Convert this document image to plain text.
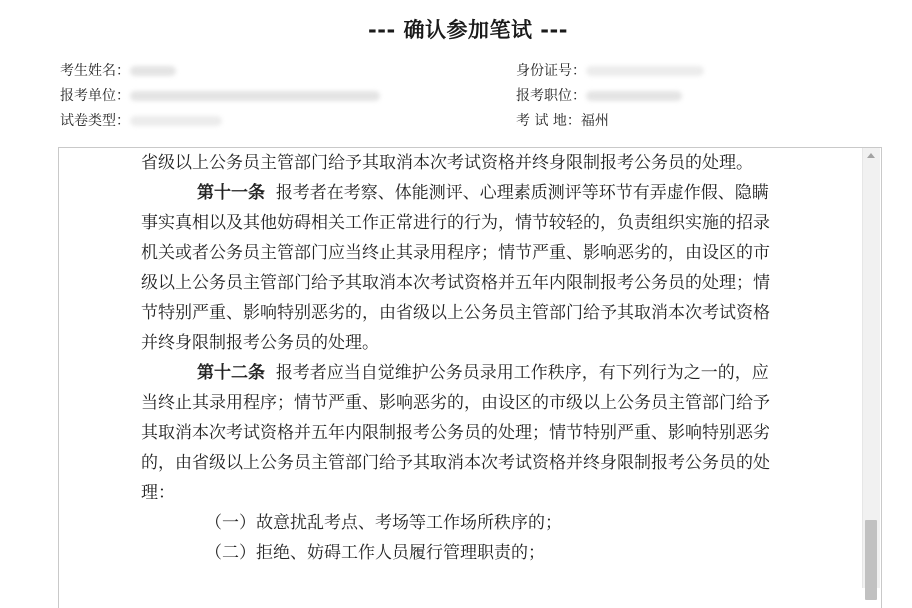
--- 确认参加笔试 ---
考生姓名：
报考单位：
试卷类型：
身份证号：
报考职位：
考 试 地：福州

省级以上公务员主管部门给予其取消本次考试资格并终身限制报考公务员的处理。

第十一条 报考者在考察、体能测评、心理素质测评等环节有弄虚作假、隐瞒事实真相以及其他妨碍相关工作正常进行的行为，情节较轻的，负责组织实施的招录机关或者公务员主管部门应当终止其录用程序；情节严重、影响恶劣的，由设区的市级以上公务员主管部门给予其取消本次考试资格并五年内限制报考公务员的处理；情节特别严重、影响特别恶劣的，由省级以上公务员主管部门给予其取消本次考试资格并终身限制报考公务员的处理。

第十二条 报考者应当自觉维护公务员录用工作秩序，有下列行为之一的，应当终止其录用程序；情节严重、影响恶劣的，由设区的市级以上公务员主管部门给予其取消本次考试资格并五年内限制报考公务员的处理；情节特别严重、影响特别恶劣的，由省级以上公务员主管部门给予其取消本次考试资格并终身限制报考公务员的处理：

（一）故意扰乱考点、考场等工作场所秩序的；

（二）拒绝、妨碍工作人员履行管理职责的；
